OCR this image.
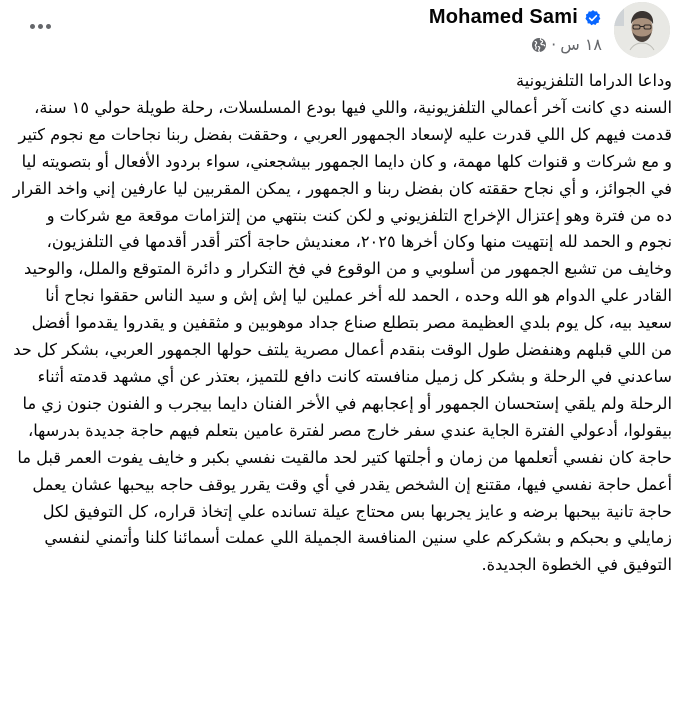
Mohamed Sami
· ١٨ س

وداعا الدراما التلفزيونية

السنه دي كانت آخر أعمالي التلفزيونية، واللي فيها بودع المسلسلات، رحلة طويلة حولي ١٥ سنة، قدمت فيهم كل اللي قدرت عليه لإسعاد الجمهور العربي ، وحققت بفضل ربنا نجاحات مع نجوم كتير و مع شركات و قنوات كلها مهمة، و كان دايما الجمهور بيشجعني، سواء بردود الأفعال أو بتصويته ليا في الجوائز، و أي نجاح حققته كان بفضل ربنا و الجمهور ، يمكن المقربين ليا عارفين إني واخد القرار ده من فترة وهو إعتزال الإخراج التلفزيوني و لكن كنت بنتهي من إلتزامات موقعة مع شركات و نجوم و الحمد لله إنتهيت منها وكان أخرها ٢٠٢٥، معنديش حاجة أكتر أقدر أقدمها في التلفزيون، وخايف من تشبع الجمهور من أسلوبي و من الوقوع في فخ التكرار و دائرة المتوقع والملل، والوحيد القادر علي الدوام هو الله وحده ، الحمد لله أخر عملين ليا إش إش و سيد الناس حققوا نجاح أنا سعيد بيه، كل يوم بلدي العظيمة مصر بتطلع صناع جداد موهوبين و مثقفين و يقدروا يقدموا أفضل من اللي قبلهم وهنفضل طول الوقت بنقدم أعمال مصرية يلتف حولها الجمهور العربي، بشكر كل حد ساعدني في الرحلة و بشكر كل زميل منافسته كانت دافع للتميز، بعتذر عن أي مشهد قدمته أثناء الرحلة ولم يلقي إستحسان الجمهور أو إعجابهم في الأخر الفنان دايما بيجرب و الفنون جنون زي ما بيقولوا، أدعولي الفترة الجاية عندي سفر خارج مصر لفترة عامين بتعلم فيهم حاجة جديدة بدرسها، حاجة كان نفسي أتعلمها من زمان و أجلتها كتير لحد مالقيت نفسي بكبر و خايف يفوت العمر قبل ما أعمل حاجة نفسي فيها، مقتنع إن الشخص يقدر في أي وقت يقرر يوقف حاجه بيحبها عشان يعمل حاجة تانية بيحبها برضه و عايز يجربها بس محتاج عيلة تسانده علي إتخاذ قراره، كل التوفيق لكل زمايلي و بحبكم و بشكركم علي سنين المنافسة الجميلة اللي عملت أسمائنا كلنا وأتمني لنفسي التوفيق في الخطوة الجديدة.
